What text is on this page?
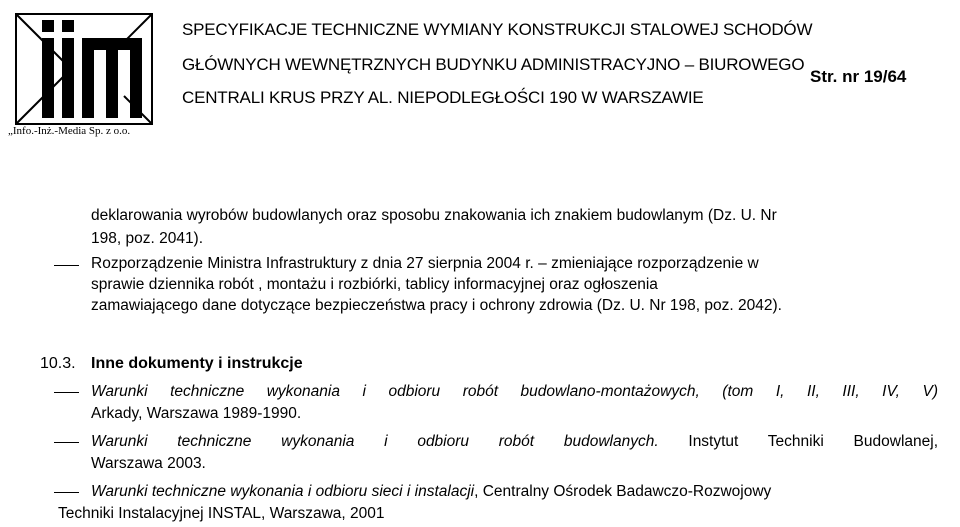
SPECYFIKACJE TECHNICZNE WYMIANY KONSTRUKCJI STALOWEJ SCHODÓW
GŁÓWNYCH WEWNĘTRZNYCH BUDYNKU ADMINISTRACYJNO – BIUROWEGO
CENTRALI KRUS PRZY AL. NIEPODLEGŁOŚCI 190 W WARSZAWIE
Str. nr 19/64
„Info.-Inż.-Media Sp. z o.o.
deklarowania wyrobów budowlanych oraz sposobu znakowania ich znakiem budowlanym (Dz. U. Nr
198, poz. 2041).
Rozporządzenie Ministra Infrastruktury z dnia 27 sierpnia 2004 r. – zmieniające rozporządzenie w
sprawie dziennika robót , montażu i rozbiórki, tablicy informacyjnej oraz ogłoszenia
zamawiającego dane dotyczące bezpieczeństwa pracy i ochrony zdrowia (Dz. U. Nr 198, poz. 2042).
10.3. Inne dokumenty i instrukcje
Warunki techniczne wykonania i odbioru robót budowlano-montażowych, (tom I, II, III, IV, V)
Arkady, Warszawa 1989-1990.
Warunki techniczne wykonania i odbioru robót budowlanych. Instytut Techniki Budowlanej,
Warszawa 2003.
Warunki techniczne wykonania i odbioru sieci i instalacji, Centralny Ośrodek Badawczo-Rozwojowy
Techniki Instalacyjnej INSTAL, Warszawa, 2001
